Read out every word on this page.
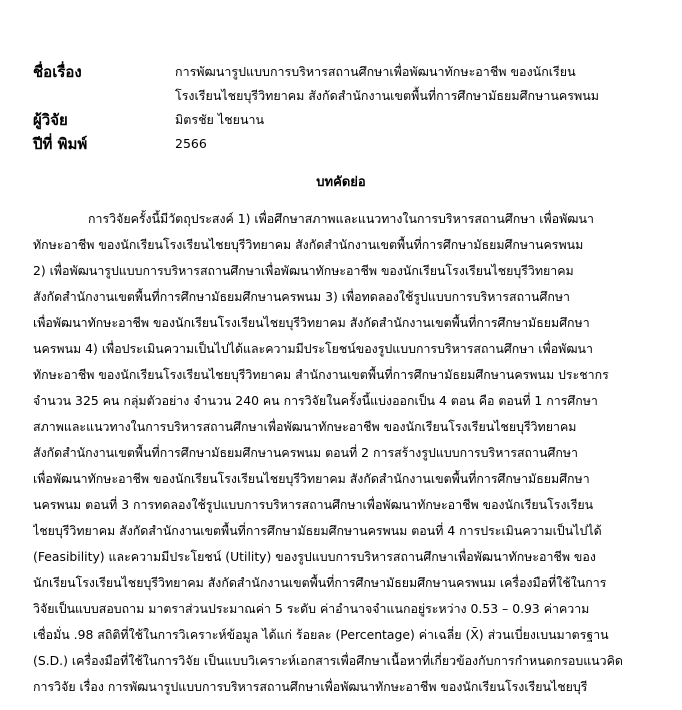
ชื่อเรื่อง	การพัฒนารูปแบบการบริหารสถานศึกษาเพื่อพัฒนาทักษะอาชีพ ของนักเรียน
โรงเรียนไชยบุรีวิทยาคม สังกัดสำนักงานเขตพื้นที่การศึกษามัธยมศึกษานครพนม
ผู้วิจัย	มิตรชัย ไชยนาน
ปีที่ พิมพ์	2566
บทคัดย่อ
การวิจัยครั้งนี้มีวัตถุประสงค์ 1) เพื่อศึกษาสภาพและแนวทางในการบริหารสถานศึกษา เพื่อพัฒนา
ทักษะอาชีพ ของนักเรียนโรงเรียนไชยบุรีวิทยาคม สังกัดสำนักงานเขตพื้นที่การศึกษามัธยมศึกษานครพนม
2) เพื่อพัฒนารูปแบบการบริหารสถานศึกษาเพื่อพัฒนาทักษะอาชีพ ของนักเรียนโรงเรียนไชยบุรีวิทยาคม
สังกัดสำนักงานเขตพื้นที่การศึกษามัธยมศึกษานครพนม 3) เพื่อทดลองใช้รูปแบบการบริหารสถานศึกษา
เพื่อพัฒนาทักษะอาชีพ ของนักเรียนโรงเรียนไชยบุรีวิทยาคม สังกัดสำนักงานเขตพื้นที่การศึกษามัธยมศึกษา
นครพนม 4) เพื่อประเมินความเป็นไปได้และความมีประโยชน์ของรูปแบบการบริหารสถานศึกษา เพื่อพัฒนา
ทักษะอาชีพ ของนักเรียนโรงเรียนไชยบุรีวิทยาคม สำนักงานเขตพื้นที่การศึกษามัธยมศึกษานครพนม ประชากร
จำนวน 325 คน กลุ่มตัวอย่าง จำนวน 240 คน การวิจัยในครั้งนี้แบ่งออกเป็น 4 ตอน คือ ตอนที่ 1 การศึกษา
สภาพและแนวทางในการบริหารสถานศึกษาเพื่อพัฒนาทักษะอาชีพ ของนักเรียนโรงเรียนไชยบุรีวิทยาคม
สังกัดสำนักงานเขตพื้นที่การศึกษามัธยมศึกษานครพนม ตอนที่ 2 การสร้างรูปแบบการบริหารสถานศึกษา
เพื่อพัฒนาทักษะอาชีพ ของนักเรียนโรงเรียนไชยบุรีวิทยาคม สังกัดสำนักงานเขตพื้นที่การศึกษามัธยมศึกษา
นครพนม ตอนที่ 3 การทดลองใช้รูปแบบการบริหารสถานศึกษาเพื่อพัฒนาทักษะอาชีพ ของนักเรียนโรงเรียน
ไชยบุรีวิทยาคม สังกัดสำนักงานเขตพื้นที่การศึกษามัธยมศึกษานครพนม ตอนที่ 4 การประเมินความเป็นไปได้
(Feasibility) และความมีประโยชน์ (Utility) ของรูปแบบการบริหารสถานศึกษาเพื่อพัฒนาทักษะอาชีพ ของ
นักเรียนโรงเรียนไชยบุรีวิทยาคม สังกัดสำนักงานเขตพื้นที่การศึกษามัธยมศึกษานครพนม เครื่องมือที่ใช้ในการ
วิจัยเป็นแบบสอบถาม มาตราส่วนประมาณค่า 5 ระดับ ค่าอำนาจจำแนกอยู่ระหว่าง 0.53 – 0.93 ค่าความ
เชื่อมั่น .98 สถิติที่ใช้ในการวิเคราะห์ข้อมูล ได้แก่ ร้อยละ (Percentage) ค่าเฉลี่ย (X̄) ส่วนเบี่ยงเบนมาตรฐาน
(S.D.) เครื่องมือที่ใช้ในการวิจัย เป็นแบบวิเคราะห์เอกสารเพื่อศึกษาเนื้อหาที่เกี่ยวข้องกับการกำหนดกรอบแนวคิด
การวิจัย เรื่อง การพัฒนารูปแบบการบริหารสถานศึกษาเพื่อพัฒนาทักษะอาชีพ ของนักเรียนโรงเรียนไชยบุรี
